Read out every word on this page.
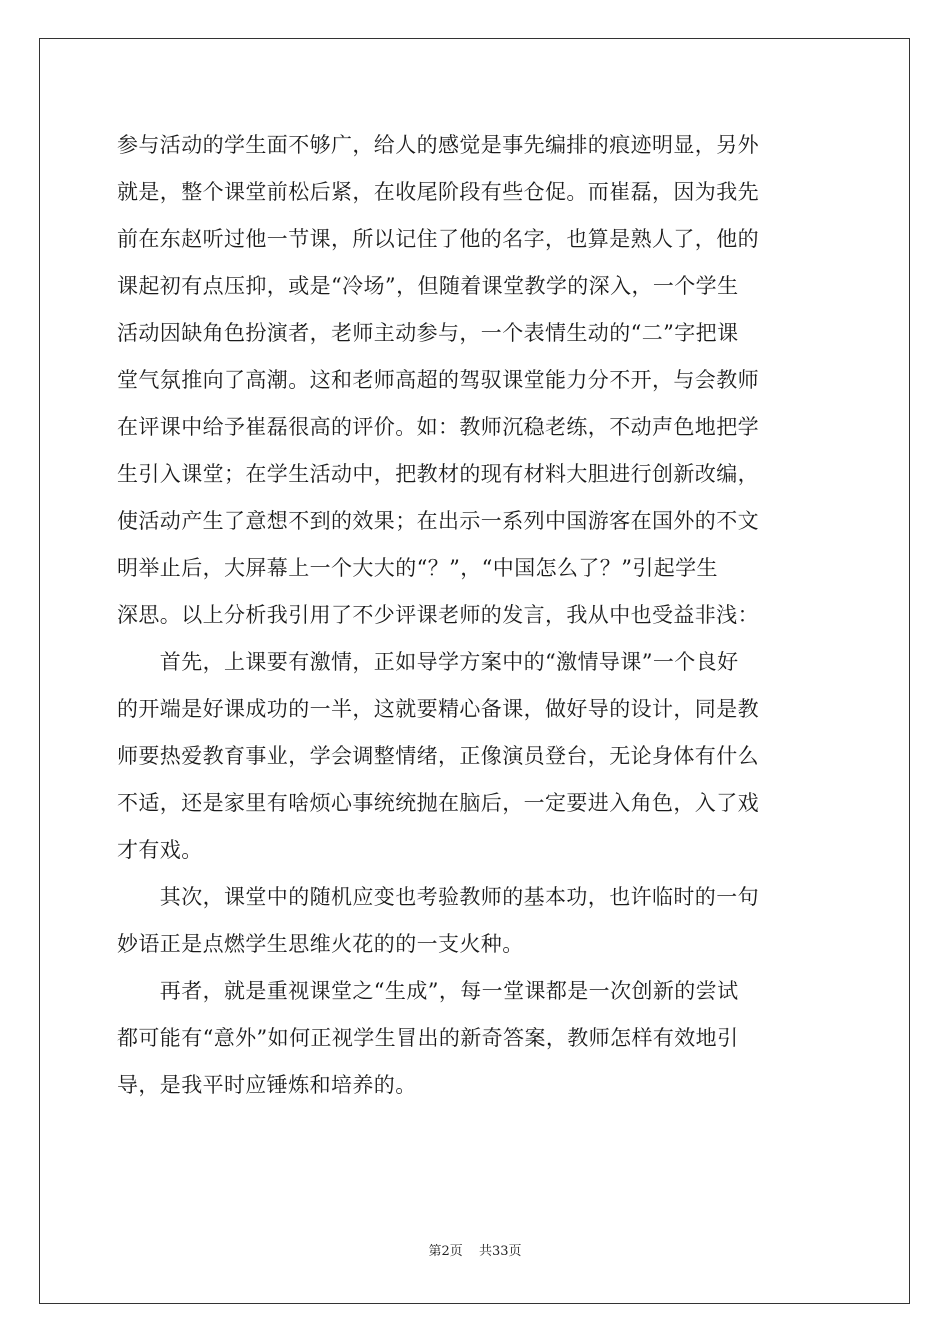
参与活动的学生面不够广，给人的感觉是事先编排的痕迹明显，另外
就是，整个课堂前松后紧，在收尾阶段有些仓促。而崔磊，因为我先
前在东赵听过他一节课，所以记住了他的名字，也算是熟人了，他的
课起初有点压抑，或是“冷场”，但随着课堂教学的深入，一个学生
活动因缺角色扮演者，老师主动参与，一个表情生动的“二”字把课
堂气氛推向了高潮。这和老师高超的驾驭课堂能力分不开，与会教师
在评课中给予崔磊很高的评价。如：教师沉稳老练，不动声色地把学
生引入课堂；在学生活动中，把教材的现有材料大胆进行创新改编，
使活动产生了意想不到的效果；在出示一系列中国游客在国外的不文
明举止后，大屏幕上一个大大的“？”，“中国怎么了？”引起学生
深思。以上分析我引用了不少评课老师的发言，我从中也受益非浅：
　　首先，上课要有激情，正如导学方案中的“激情导课”一个良好
的开端是好课成功的一半，这就要精心备课，做好导的设计，同是教
师要热爱教育事业，学会调整情绪，正像演员登台，无论身体有什么
不适，还是家里有啥烦心事统统抛在脑后，一定要进入角色，入了戏
才有戏。
　　其次，课堂中的随机应变也考验教师的基本功，也许临时的一句
妙语正是点燃学生思维火花的的一支火种。
　　再者，就是重视课堂之“生成”，每一堂课都是一次创新的尝试
都可能有“意外”如何正视学生冒出的新奇答案，教师怎样有效地引
导，是我平时应锤炼和培养的。
第2页 共33页
